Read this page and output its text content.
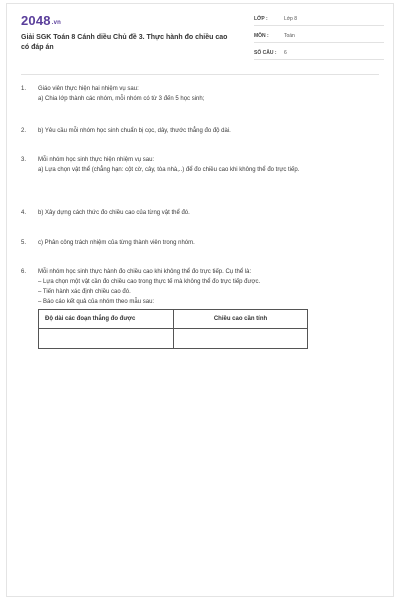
2048.vn
Giải SGK Toán 8 Cánh diều Chủ đề 3. Thực hành đo chiều cao có đáp án
LỚP :	Lớp 8
MÔN :	Toán
SỐ CÂU : 6
1. Giáo viên thực hiện hai nhiệm vụ sau:
a) Chia lớp thành các nhóm, mỗi nhóm có từ 3 đến 5 học sinh;
2. b) Yêu cầu mỗi nhóm học sinh chuẩn bị cọc, dây, thước thẳng đo độ dài.
3. Mỗi nhóm học sinh thực hiện nhiệm vụ sau:
a) Lựa chọn vật thể (chẳng hạn: cột cờ, cây, tòa nhà,..) để đo chiều cao khi không thể đo trực tiếp.
4. b) Xây dựng cách thức đo chiều cao của từng vật thể đó.
5. c) Phân công trách nhiệm của từng thành viên trong nhóm.
6. Mỗi nhóm học sinh thực hành đo chiều cao khi không thể đo trực tiếp. Cụ thể là:
– Lựa chọn một vật cần đo chiều cao trong thực tế mà không thể đo trực tiếp được.
– Tiến hành xác định chiều cao đó.
– Báo cáo kết quả của nhóm theo mẫu sau:
Độ dài các đoạn thẳng đo được	Chiều cao cần tính
